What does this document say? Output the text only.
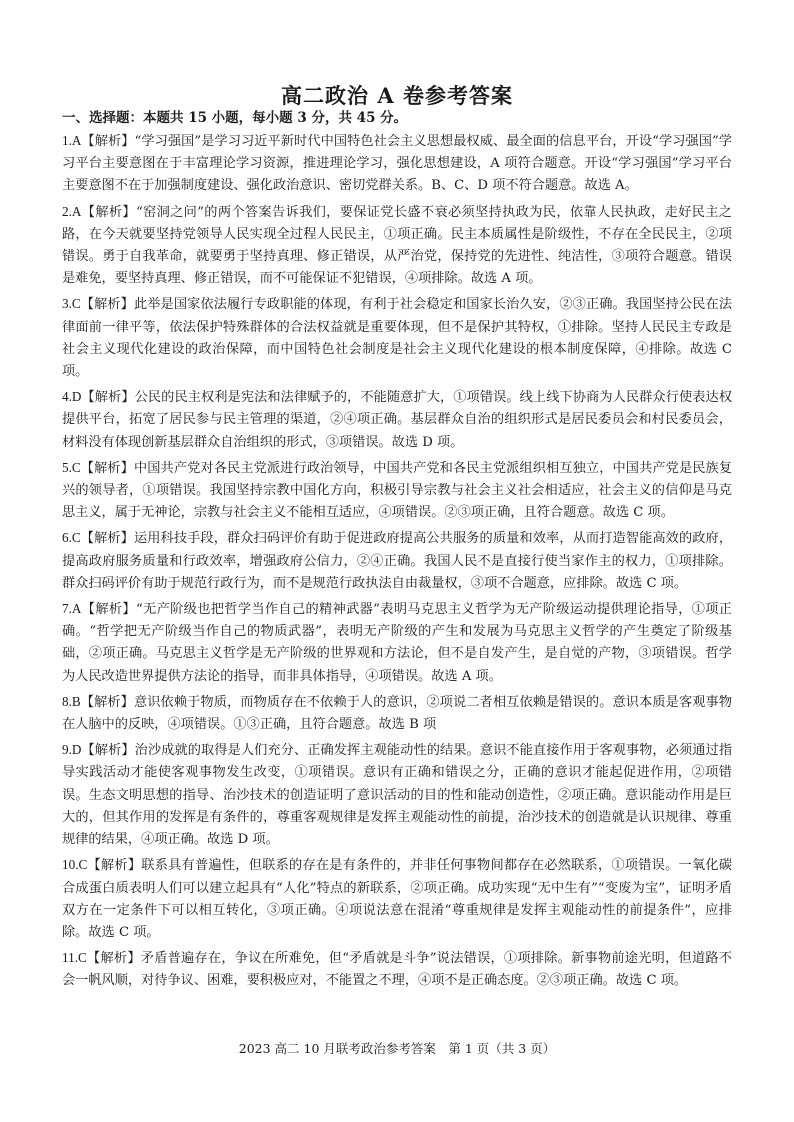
高二政治 A 卷参考答案
一、选择题：本题共 15 小题，每小题 3 分，共 45 分。
1.A【解析】“学习强国”是学习习近平新时代中国特色社会主义思想最权威、最全面的信息平台，开设“学习强国”学习平台主要意图在于丰富理论学习资源，推进理论学习，强化思想建设，A 项符合题意。开设“学习强国”学习平台主要意图不在于加强制度建设、强化政治意识、密切党群关系。B、C、D 项不符合题意。故选 A。
2.A【解析】“窑洞之问”的两个答案告诉我们，要保证党长盛不衰必须坚持执政为民，依靠人民执政，走好民主之路，在今天就要坚持党领导人民实现全过程人民民主，①项正确。民主本质属性是阶级性，不存在全民民主，②项错误。勇于自我革命，就要勇于坚持真理、修正错误，从严治党，保持党的先进性、纯洁性，③项符合题意。错误是难免，要坚持真理、修正错误，而不可能保证不犯错误，④项排除。故选 A 项。
3.C【解析】此举是国家依法履行专政职能的体现，有利于社会稳定和国家长治久安，②③正确。我国坚持公民在法律面前一律平等，依法保护特殊群体的合法权益就是重要体现，但不是保护其特权，①排除。坚持人民民主专政是社会主义现代化建设的政治保障，而中国特色社会制度是社会主义现代化建设的根本制度保障，④排除。故选 C 项。
4.D【解析】公民的民主权利是宪法和法律赋予的，不能随意扩大，①项错误。线上线下协商为人民群众行使表达权提供平台，拓宽了居民参与民主管理的渠道，②④项正确。基层群众自治的组织形式是居民委员会和村民委员会，材料没有体现创新基层群众自治组织的形式，③项错误。故选 D 项。
5.C【解析】中国共产党对各民主党派进行政治领导，中国共产党和各民主党派组织相互独立，中国共产党是民族复兴的领导者，①项错误。我国坚持宗教中国化方向，积极引导宗教与社会主义社会相适应，社会主义的信仰是马克思主义，属于无神论，宗教与社会主义不能相互适应，④项错误。②③项正确，且符合题意。故选 C 项。
6.C【解析】运用科技手段，群众扫码评价有助于促进政府提高公共服务的质量和效率，从而打造智能高效的政府，提高政府服务质量和行政效率，增强政府公信力，②④正确。我国人民不是直接行使当家作主的权力，①项排除。群众扫码评价有助于规范行政行为，而不是规范行政执法自由裁量权，③项不合题意，应排除。故选 C 项。
7.A【解析】“无产阶级也把哲学当作自己的精神武器”表明马克思主义哲学为无产阶级运动提供理论指导，①项正确。“哲学把无产阶级当作自己的物质武器”，表明无产阶级的产生和发展为马克思主义哲学的产生奠定了阶级基础，②项正确。马克思主义哲学是无产阶级的世界观和方法论，但不是自发产生，是自觉的产物，③项错误。哲学为人民改造世界提供方法论的指导，而非具体指导，④项错误。故选 A 项。
8.B【解析】意识依赖于物质，而物质存在不依赖于人的意识，②项说二者相互依赖是错误的。意识本质是客观事物在人脑中的反映，④项错误。①③正确，且符合题意。故选 B 项
9.D【解析】治沙成就的取得是人们充分、正确发挥主观能动性的结果。意识不能直接作用于客观事物，必须通过指导实践活动才能使客观事物发生改变，①项错误。意识有正确和错误之分，正确的意识才能起促进作用，②项错误。生态文明思想的指导、治沙技术的创造证明了意识活动的目的性和能动创造性，②项正确。意识能动作用是巨大的，但其作用的发挥是有条件的，尊重客观规律是发挥主观能动性的前提，治沙技术的创造就是认识规律、尊重规律的结果，④项正确。故选 D 项。
10.C【解析】联系具有普遍性，但联系的存在是有条件的，并非任何事物间都存在必然联系，①项错误。一氧化碳合成蛋白质表明人们可以建立起具有“人化”特点的新联系，②项正确。成功实现“无中生有”“变废为宝”，证明矛盾双方在一定条件下可以相互转化，③项正确。④项说法意在混淆“尊重规律是发挥主观能动性的前提条件”，应排除。故选 C 项。
11.C【解析】矛盾普遍存在，争议在所难免，但“矛盾就是斗争”说法错误，①项排除。新事物前途光明，但道路不会一帆风顺，对待争议、困难，要积极应对，不能置之不理，④项不是正确态度。②③项正确。故选 C 项。
2023 高二 10 月联考政治参考答案　第 1 页（共 3 页）
